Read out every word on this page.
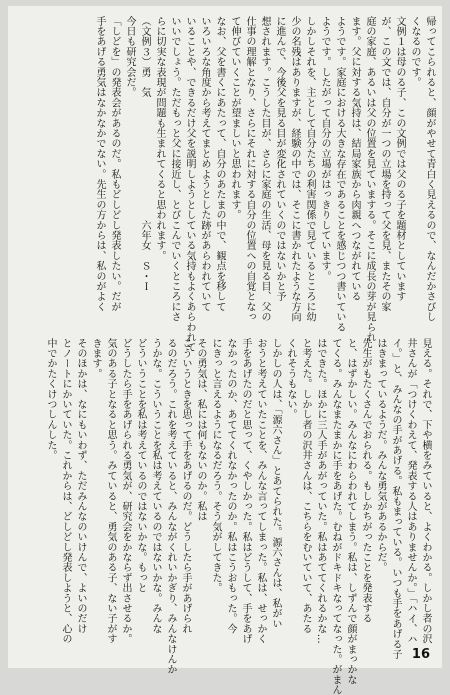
帰ってこられると、顔がやせて青白く見えるので、なんだかさびし
くなるのです。
文例１は母のる子、この文例では父のる子を題材としています
が、この文では、自分が一つの立場を持って父を見、またその家
庭の家庭、あるいは父の位置を見ていまする。そこに成長の芽が見られ
ます。父に対する気持は、結局家族から肉親へつながれている
ようです。家庭における大きな存在であることを感じつつ書いている
ようです。したがって自分の立場がはっきりしています。
しかしそれを、主として自分たちの利害関係で見ているところに幼
少の名残はありますが、経験の中では、そこに書かれたような方向
に進んで、今後父を見る目が変化されていくのではないかと予
想されます。こうした目が、さらに家庭の生活、母を見る目、父の
仕事の理解となり、さらにそれに対する自分の位置への自覚となっ
て伸びていくことが望ましいと思われます。
なお、父を書くにあたって、自分のあたまの中で、観点を移して
いろいろな角度から考えてまとめようとした跡があらわれていて
いることや、できるだけ父を説明しようとしている気持もよくあらわれて
いいでしょう。ただもっと父に接近し、とびこんでいくところにさ
らに切実な表現が問題も生まれてくると思われます。
（文例３）勇　気　　　　　　　　　　　　六年女　Ｓ・Ｉ
今日も研究会だ。
「しどを」の発表会があるのだ。私もどしどし発表したい。だが
手をあげる勇気はなかなかでない。先生の方からは、私のがよく
見える。それで、下や横をみていると、よくわかる。しかし者の沢
井さんが「つけくわえて、発表する人はありませんか。」「ハイ、ハ
イ。」と、みんなの手があげる。私もまっている。いつも手をあげる子
はきまっているようだ。みんな勇気があるからだ。
先生がもたくさんでおられる。もしかちがったことを発表する
と、はずかしい。みんなにわらわれてしまう。私は、しずんで顔がまっかな
てくる。みんなまたまかに手をあげた。むねがドキドキなってなった。がまん
はできた。ほかに三人手があがっていた。私はあててくれるかな…
と考えた。しかし者の沢井さんは、こちらをむいていて、あたる
くれそうもない。
しかしの人は、「源六さん」とあてられた。源六さんは、私がい
おうと考えていたことを、みんな言ってしまった。私は、せっかく
手をあげたのだと思って、くやしかった。私はどうして、手をあげ
なかったのか、あててくれなかったのか。私はこうおもった。今
にきっと言えるようになるだろう。そう気がしてきた。
その勇気は、私には何もないのか。私は
こういうときを思って手をあげるのだ。どうしたら手があげられ
るのだろう。これを考えていると、みんながくれいかぎり、みんなけんか
うかな。こういうことを私は考えているのではないかな。みんな
どういうことを私は考えているのではないかな。もっと
どうしたら手をあげられる勇気が、研究会をかならず出させるか。
気のある子となると思う。みていると、勇気のある子、ない子がす
きます。
そのほかは、なにもいわず、ただみんなのいけんで、よいのだけ
とノートにかいていた。これからは、どしどし発表しようと、心の
中でかたくけつしんした。
16
